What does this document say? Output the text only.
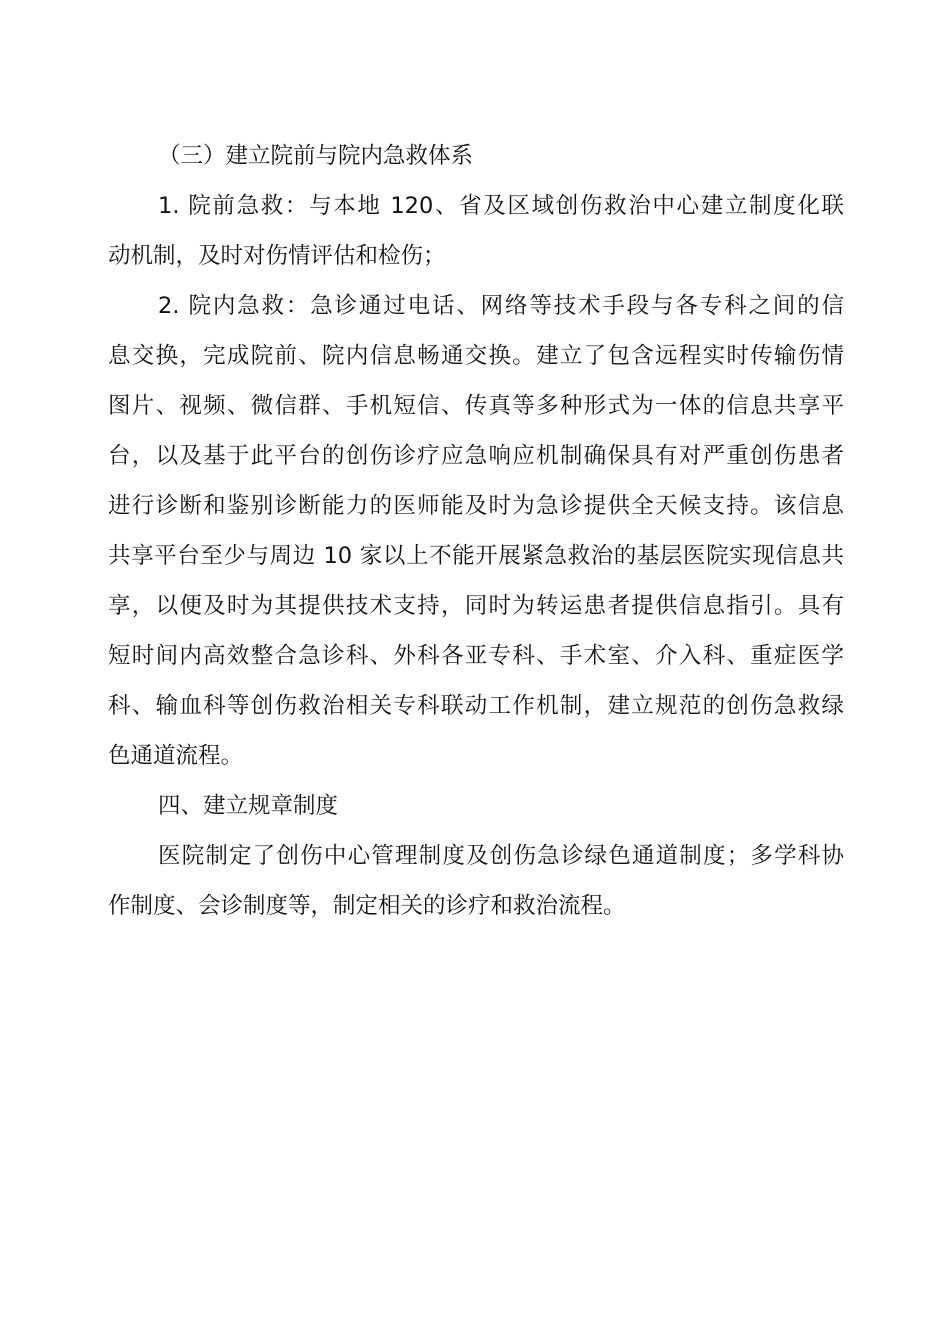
（三）建立院前与院内急救体系
1. 院前急救：与本地 120、省及区域创伤救治中心建立制度化联
动机制，及时对伤情评估和检伤；
2. 院内急救：急诊通过电话、网络等技术手段与各专科之间的信
息交换，完成院前、院内信息畅通交换。建立了包含远程实时传输伤情
图片、视频、微信群、手机短信、传真等多种形式为一体的信息共享平
台，以及基于此平台的创伤诊疗应急响应机制确保具有对严重创伤患者
进行诊断和鉴别诊断能力的医师能及时为急诊提供全天候支持。该信息
共享平台至少与周边 10 家以上不能开展紧急救治的基层医院实现信息共
享，以便及时为其提供技术支持，同时为转运患者提供信息指引。具有
短时间内高效整合急诊科、外科各亚专科、手术室、介入科、重症医学
科、输血科等创伤救治相关专科联动工作机制，建立规范的创伤急救绿
色通道流程。
四、建立规章制度
医院制定了创伤中心管理制度及创伤急诊绿色通道制度；多学科协
作制度、会诊制度等，制定相关的诊疗和救治流程。
